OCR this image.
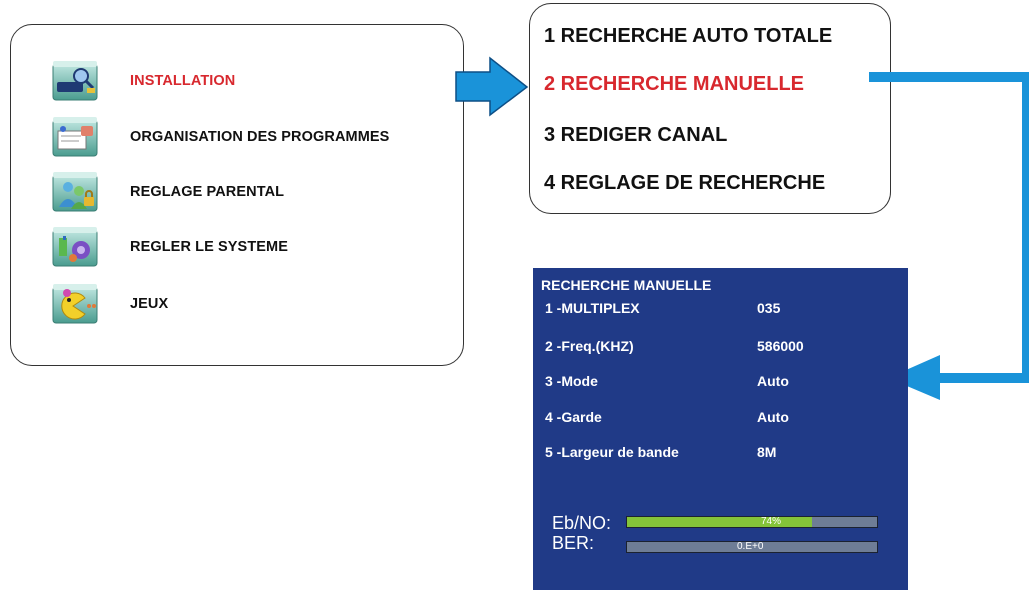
INSTALLATION
ORGANISATION DES PROGRAMMES
REGLAGE PARENTAL
REGLER LE SYSTEME
JEUX
1 RECHERCHE AUTO TOTALE
2 RECHERCHE MANUELLE
3 REDIGER CANAL
4 REGLAGE DE RECHERCHE
RECHERCHE MANUELLE
1 -MULTIPLEX	035
2 -Freq.(KHZ)	586000
3 -Mode	Auto
4 -Garde	Auto
5 -Largeur de bande	8M
Eb/NO:	74%
BER:	0.E+0
